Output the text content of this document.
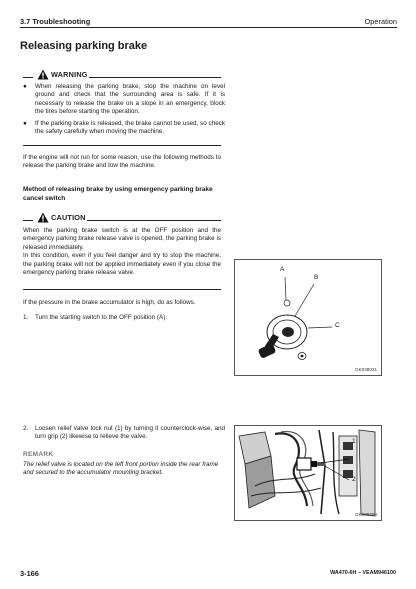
3.7 Troubleshooting	Operation
Releasing parking brake
WARNING
● When releasing the parking brake, stop the machine on level ground and check that the surrounding area is safe. If it is necessary to release the brake on a slope in an emergency, block the tires before starting the operation.
● If the parking brake is released, the brake cannot be used, so check the safety carefully when moving the machine.
If the engine will not run for some reason, use the following methods to release the parking brake and tow the machine.
Method of releasing brake by using emergency parking brake cancel switch
CAUTION
When the parking brake switch is at the OFF position and the emergency parking brake release valve is opened, the parking brake is released immediately.
In this condition, even if you feel danger and try to stop the machine, the parking brake will not be applied immediately even if you close the emergency parking brake release valve.
If the pressure in the brake accumulator is high, do as follows.
1. Turn the starting switch to the OFF position (A).
A
B
C
GK038021
2. Loosen relief valve lock nut (1) by turning it counterclock-wise, and turn grip (2) likewise to relieve the valve.
REMARK
The relief valve is located on the left front portion inside the rear frame and secured to the accumulator mounting bracket.
1
2
GK038698
3-166	WA470-6H – VEAM946100
